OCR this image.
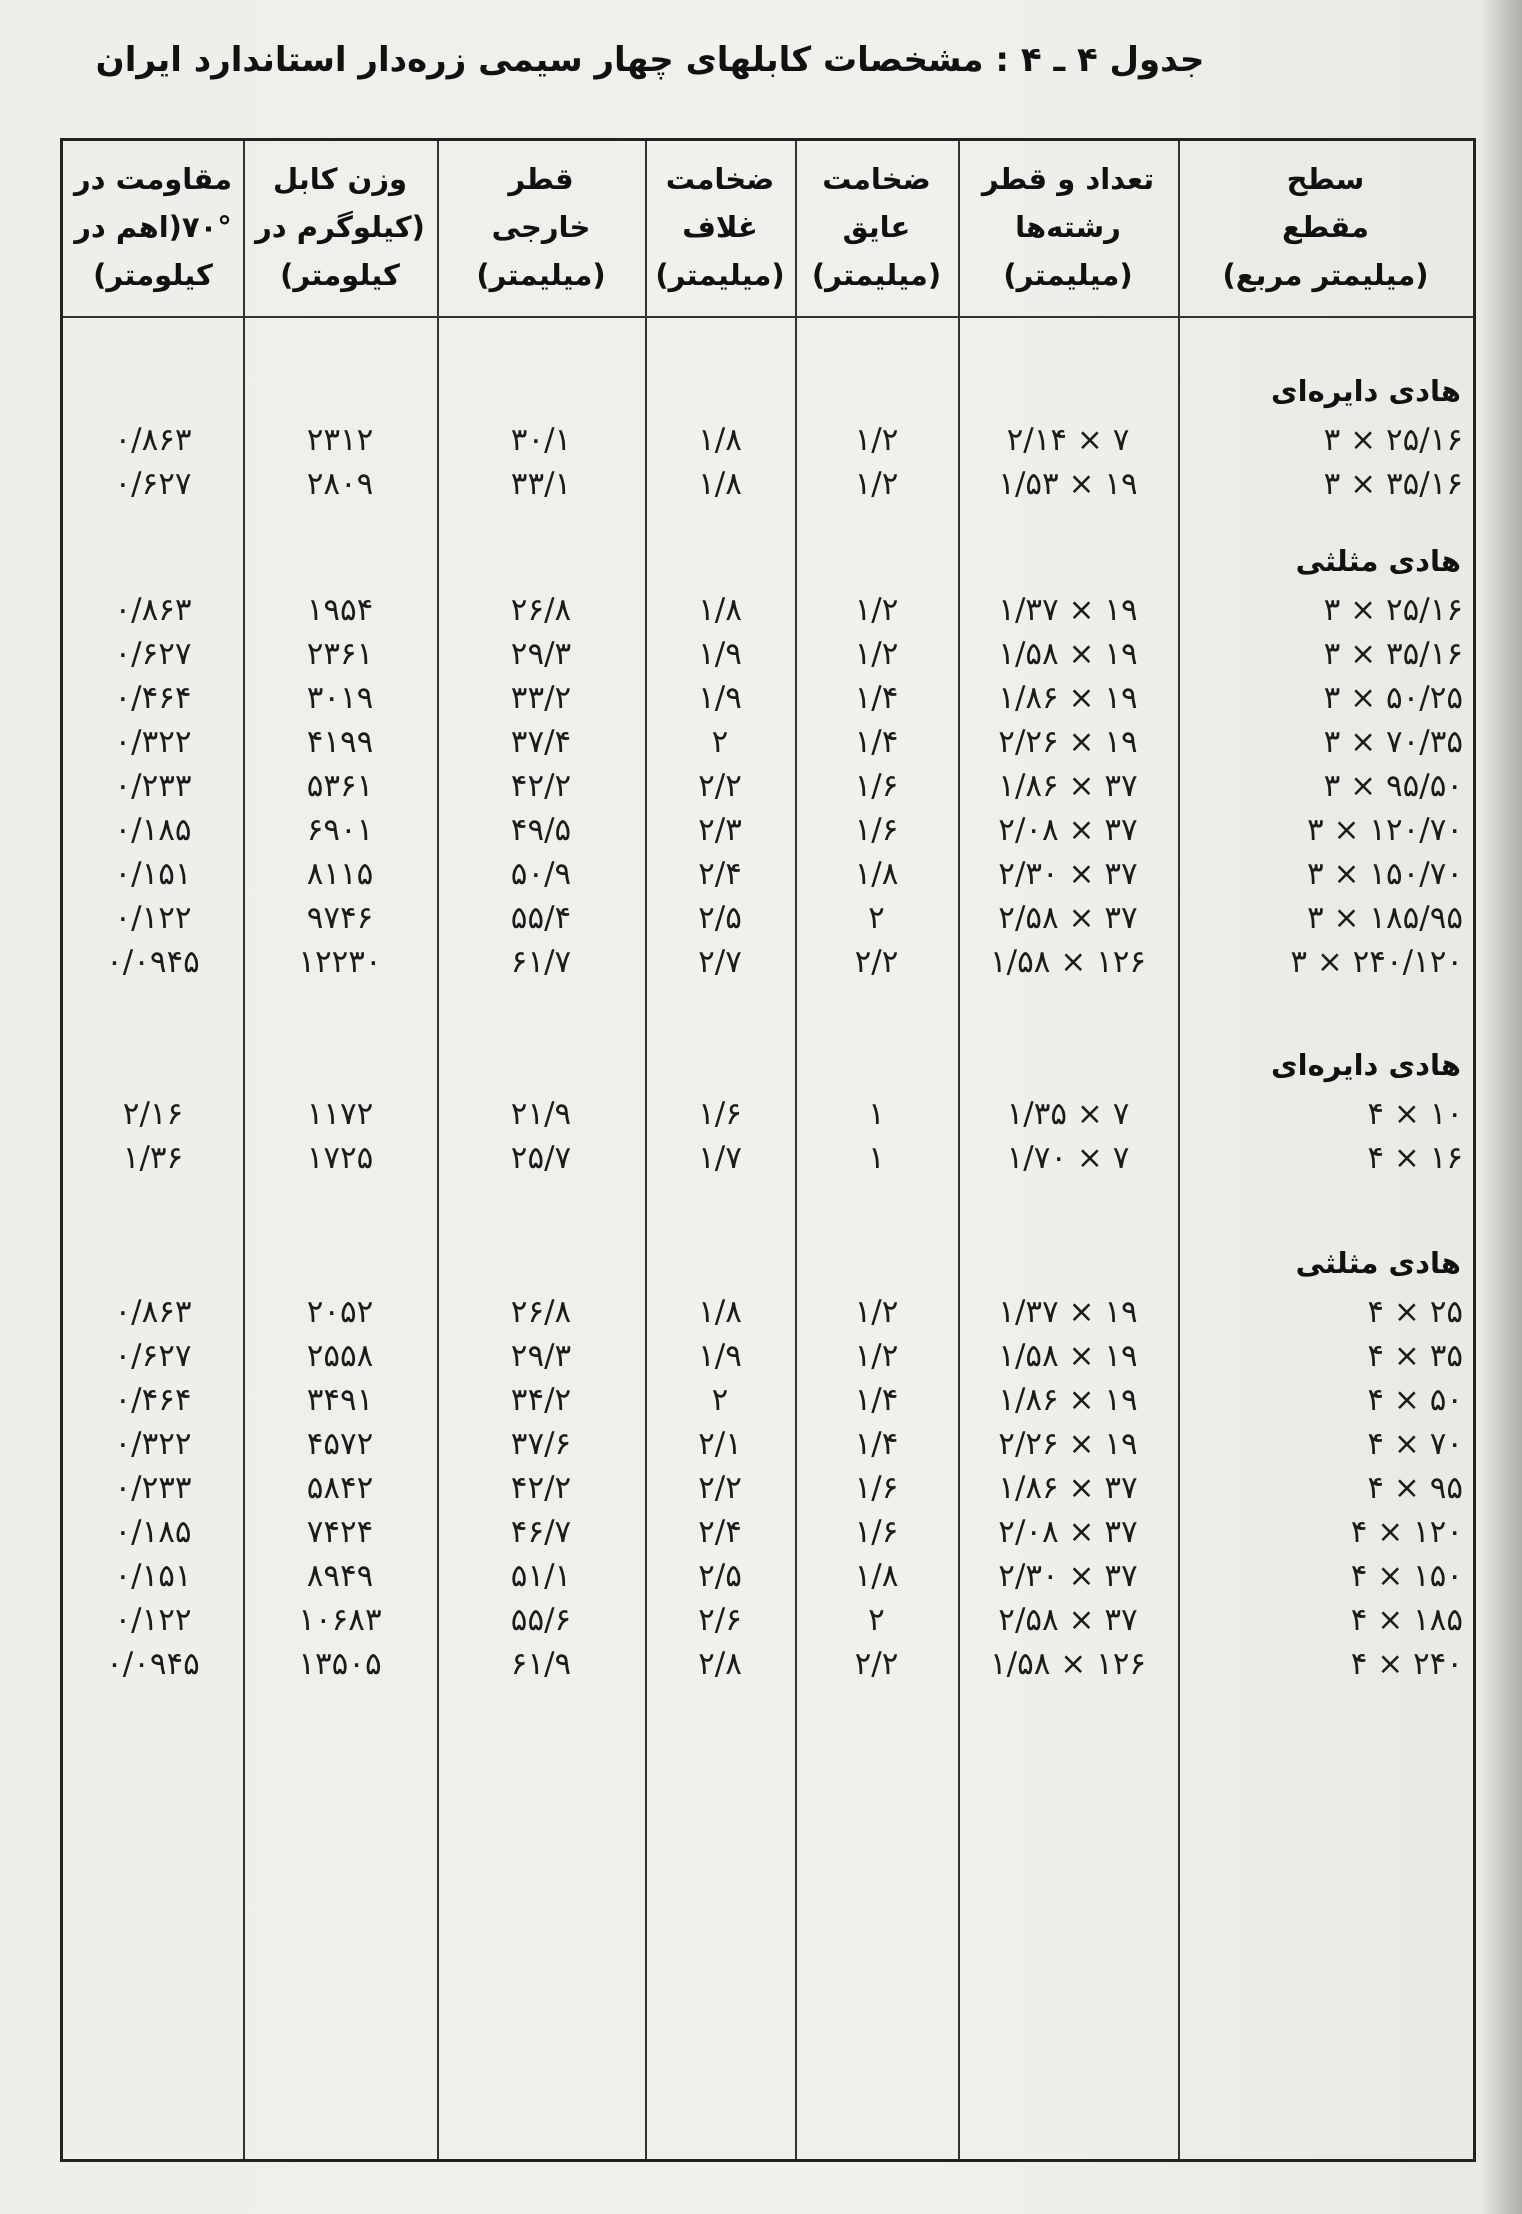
جدول ۴ ـ ۴ : مشخصات کابلهای چهار سیمی زره‌دار استاندارد ایران
سطح
مقطع
(میلیمتر مربع)
تعداد و قطر
رشته‌ها
(میلیمتر)
ضخامت
عایق
(میلیمتر)
ضخامت
غلاف
(میلیمتر)
قطر
خارجی
(میلیمتر)
وزن کابل
(کیلوگرم در
کیلومتر)
مقاومت در
۷۰°(اهم در
کیلومتر)
هادی دایره‌ای
۳ × ۲۵/۱۶
۷ × ۲/۱۴
۱/۲
۱/۸
۳۰/۱
۲۳۱۲
۰/۸۶۳
۳ × ۳۵/۱۶
۱۹ × ۱/۵۳
۱/۲
۱/۸
۳۳/۱
۲۸۰۹
۰/۶۲۷
هادی مثلثی
۳ × ۲۵/۱۶
۱۹ × ۱/۳۷
۱/۲
۱/۸
۲۶/۸
۱۹۵۴
۰/۸۶۳
۳ × ۳۵/۱۶
۱۹ × ۱/۵۸
۱/۲
۱/۹
۲۹/۳
۲۳۶۱
۰/۶۲۷
۳ × ۵۰/۲۵
۱۹ × ۱/۸۶
۱/۴
۱/۹
۳۳/۲
۳۰۱۹
۰/۴۶۴
۳ × ۷۰/۳۵
۱۹ × ۲/۲۶
۱/۴
۲
۳۷/۴
۴۱۹۹
۰/۳۲۲
۳ × ۹۵/۵۰
۳۷ × ۱/۸۶
۱/۶
۲/۲
۴۲/۲
۵۳۶۱
۰/۲۳۳
۳ × ۱۲۰/۷۰
۳۷ × ۲/۰۸
۱/۶
۲/۳
۴۹/۵
۶۹۰۱
۰/۱۸۵
۳ × ۱۵۰/۷۰
۳۷ × ۲/۳۰
۱/۸
۲/۴
۵۰/۹
۸۱۱۵
۰/۱۵۱
۳ × ۱۸۵/۹۵
۳۷ × ۲/۵۸
۲
۲/۵
۵۵/۴
۹۷۴۶
۰/۱۲۲
۳ × ۲۴۰/۱۲۰
۱۲۶ × ۱/۵۸
۲/۲
۲/۷
۶۱/۷
۱۲۲۳۰
۰/۰۹۴۵
هادی دایره‌ای
۴ × ۱۰
۷ × ۱/۳۵
۱
۱/۶
۲۱/۹
۱۱۷۲
۲/۱۶
۴ × ۱۶
۷ × ۱/۷۰
۱
۱/۷
۲۵/۷
۱۷۲۵
۱/۳۶
هادی مثلثی
۴ × ۲۵
۱۹ × ۱/۳۷
۱/۲
۱/۸
۲۶/۸
۲۰۵۲
۰/۸۶۳
۴ × ۳۵
۱۹ × ۱/۵۸
۱/۲
۱/۹
۲۹/۳
۲۵۵۸
۰/۶۲۷
۴ × ۵۰
۱۹ × ۱/۸۶
۱/۴
۲
۳۴/۲
۳۴۹۱
۰/۴۶۴
۴ × ۷۰
۱۹ × ۲/۲۶
۱/۴
۲/۱
۳۷/۶
۴۵۷۲
۰/۳۲۲
۴ × ۹۵
۳۷ × ۱/۸۶
۱/۶
۲/۲
۴۲/۲
۵۸۴۲
۰/۲۳۳
۴ × ۱۲۰
۳۷ × ۲/۰۸
۱/۶
۲/۴
۴۶/۷
۷۴۲۴
۰/۱۸۵
۴ × ۱۵۰
۳۷ × ۲/۳۰
۱/۸
۲/۵
۵۱/۱
۸۹۴۹
۰/۱۵۱
۴ × ۱۸۵
۳۷ × ۲/۵۸
۲
۲/۶
۵۵/۶
۱۰۶۸۳
۰/۱۲۲
۴ × ۲۴۰
۱۲۶ × ۱/۵۸
۲/۲
۲/۸
۶۱/۹
۱۳۵۰۵
۰/۰۹۴۵
